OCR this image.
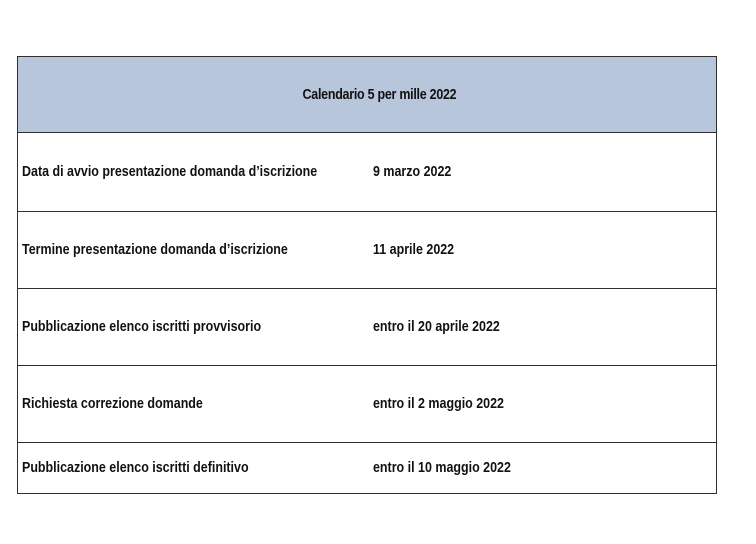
Calendario 5 per mille 2022	
Data di avvio presentazione domanda d’iscrizione	9 marzo 2022
Termine presentazione domanda d’iscrizione	11 aprile 2022
Pubblicazione elenco iscritti provvisorio	entro il 20 aprile 2022
Richiesta correzione domande	entro il 2 maggio 2022
Pubblicazione elenco iscritti definitivo	entro il 10 maggio 2022
